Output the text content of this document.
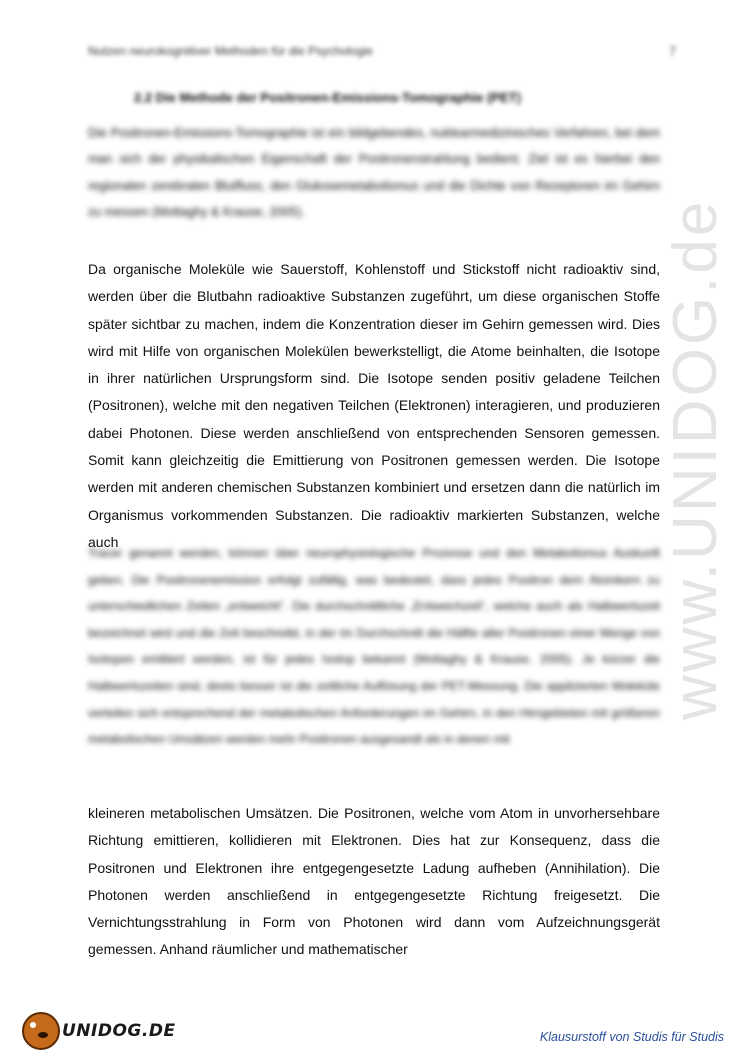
Nutzen neurokognitiver Methoden für die Psychologie	7
2.2 Die Methode der Positronen-Emissions-Tomographie (PET)

Die Positronen-Emissions-Tomographie ist ein bildgebendes, nuklearmedizinisches Verfahren, bei dem man sich der physikalischen Eigenschaft der Positronenstrahlung bedient. Ziel ist es hierbei den regionalen zerebralen Blutfluss, den Glukosemetabolismus und die Dichte von Rezeptoren im Gehirn zu messen (Mottaghy & Krause, 2005).

Da organische Moleküle wie Sauerstoff, Kohlenstoff und Stickstoff nicht radioaktiv sind, werden über die Blutbahn radioaktive Substanzen zugeführt, um diese organischen Stoffe später sichtbar zu machen, indem die Konzentration dieser im Gehirn gemessen wird. Dies wird mit Hilfe von organischen Molekülen bewerkstelligt, die Atome beinhalten, die Isotope in ihrer natürlichen Ursprungsform sind. Die Isotope senden positiv geladene Teilchen (Positronen), welche mit den negativen Teilchen (Elektronen) interagieren, und produzieren dabei Photonen. Diese werden anschließend von entsprechenden Sensoren gemessen. Somit kann gleichzeitig die Emittierung von Positronen gemessen werden. Die Isotope werden mit anderen chemischen Substanzen kombiniert und ersetzen dann die natürlich im Organismus vorkommenden Substanzen. Die radioaktiv markierten Substanzen, welche auch

Tracer genannt werden, können über neurophysiologische Prozesse und den Metabolismus Auskunft geben. Die Positronenemission erfolgt zufällig, was bedeutet, dass jedes Positron dem Atomkern zu unterschiedlichen Zeiten „entweicht“. Die durchschnittliche „Entweichzeit“, welche auch als Halbwertszeit bezeichnet wird und die Zeit beschreibt, in der im Durchschnitt die Hälfte aller Positronen einer Menge von Isotopen emittiert werden, ist für jedes Isotop bekannt (Mottaghy & Krause, 2005). Je kürzer die Halbwertszeiten sind, desto besser ist die zeitliche Auflösung der PET-Messung. Die applizierten Moleküle verteilen sich entsprechend der metabolischen Anforderungen im Gehirn, in den Hirngebieten mit größeren metabolischen Umsätzen werden mehr Positronen ausgesandt als in denen mit

kleineren metabolischen Umsätzen. Die Positronen, welche vom Atom in unvorhersehbare Richtung emittieren, kollidieren mit Elektronen. Dies hat zur Konsequenz, dass die Positronen und Elektronen ihre entgegengesetzte Ladung aufheben (Annihilation). Die Photonen werden anschließend in entgegengesetzte Richtung freigesetzt. Die Vernichtungsstrahlung in Form von Photonen wird dann vom Aufzeichnungsgerät gemessen. Anhand räumlicher und mathematischer

www.UNIDOG.de
UNIDOG.DE	Klausurstoff von Studis für Studis
